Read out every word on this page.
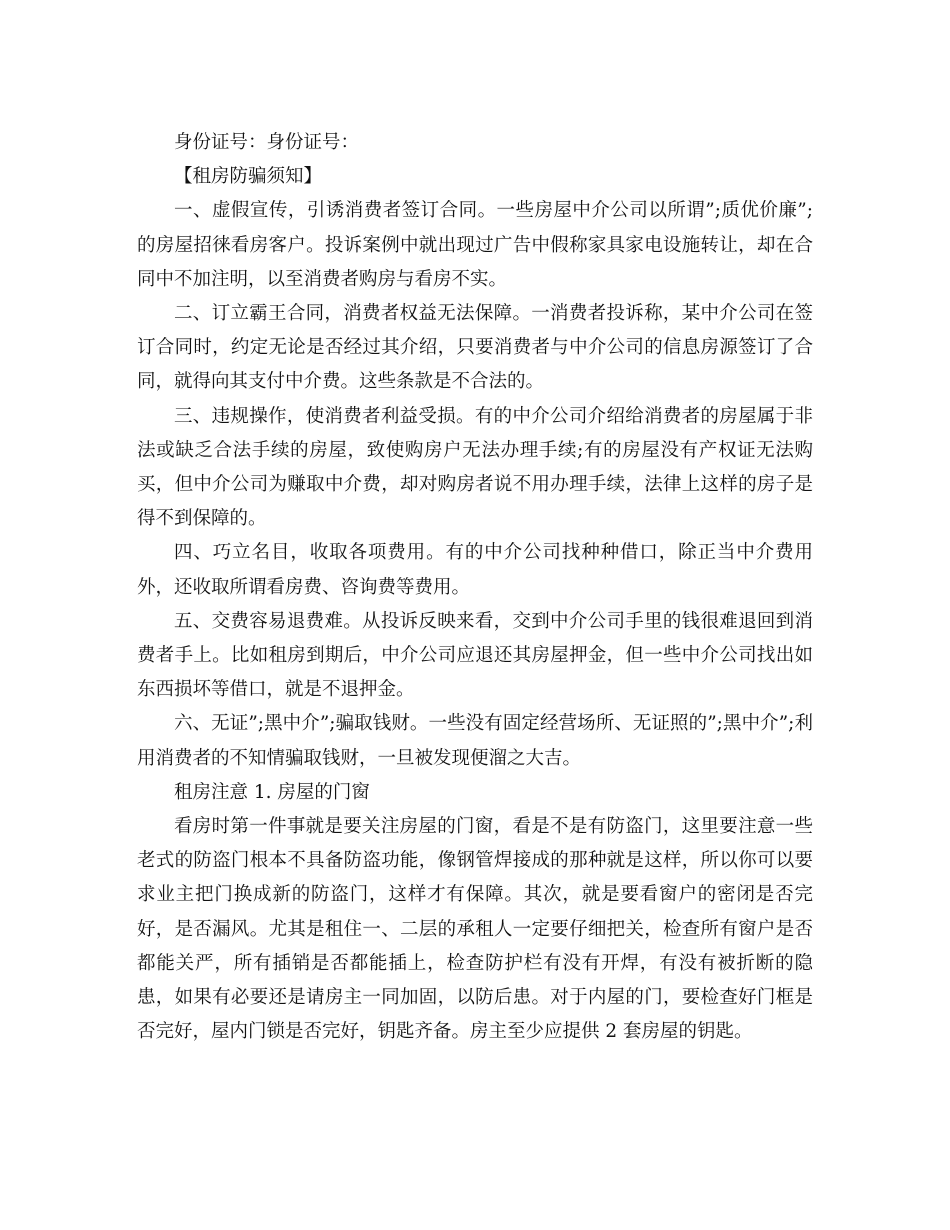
身份证号：身份证号：

【租房防骗须知】

一、虚假宣传，引诱消费者签订合同。一些房屋中介公司以所谓”;质优价廉”;的房屋招徕看房客户。投诉案例中就出现过广告中假称家具家电设施转让，却在合同中不加注明，以至消费者购房与看房不实。

二、订立霸王合同，消费者权益无法保障。一消费者投诉称，某中介公司在签订合同时，约定无论是否经过其介绍，只要消费者与中介公司的信息房源签订了合同，就得向其支付中介费。这些条款是不合法的。

三、违规操作，使消费者利益受损。有的中介公司介绍给消费者的房屋属于非法或缺乏合法手续的房屋，致使购房户无法办理手续;有的房屋没有产权证无法购买，但中介公司为赚取中介费，却对购房者说不用办理手续，法律上这样的房子是得不到保障的。

四、巧立名目，收取各项费用。有的中介公司找种种借口，除正当中介费用外，还收取所谓看房费、咨询费等费用。

五、交费容易退费难。从投诉反映来看，交到中介公司手里的钱很难退回到消费者手上。比如租房到期后，中介公司应退还其房屋押金，但一些中介公司找出如东西损坏等借口，就是不退押金。

六、无证”;黑中介”;骗取钱财。一些没有固定经营场所、无证照的”;黑中介”;利用消费者的不知情骗取钱财，一旦被发现便溜之大吉。

租房注意 1. 房屋的门窗

看房时第一件事就是要关注房屋的门窗，看是不是有防盗门，这里要注意一些老式的防盗门根本不具备防盗功能，像钢管焊接成的那种就是这样，所以你可以要求业主把门换成新的防盗门，这样才有保障。其次，就是要看窗户的密闭是否完好，是否漏风。尤其是租住一、二层的承租人一定要仔细把关，检查所有窗户是否都能关严，所有插销是否都能插上，检查防护栏有没有开焊，有没有被折断的隐患，如果有必要还是请房主一同加固，以防后患。对于内屋的门，要检查好门框是否完好，屋内门锁是否完好，钥匙齐备。房主至少应提供 2 套房屋的钥匙。
